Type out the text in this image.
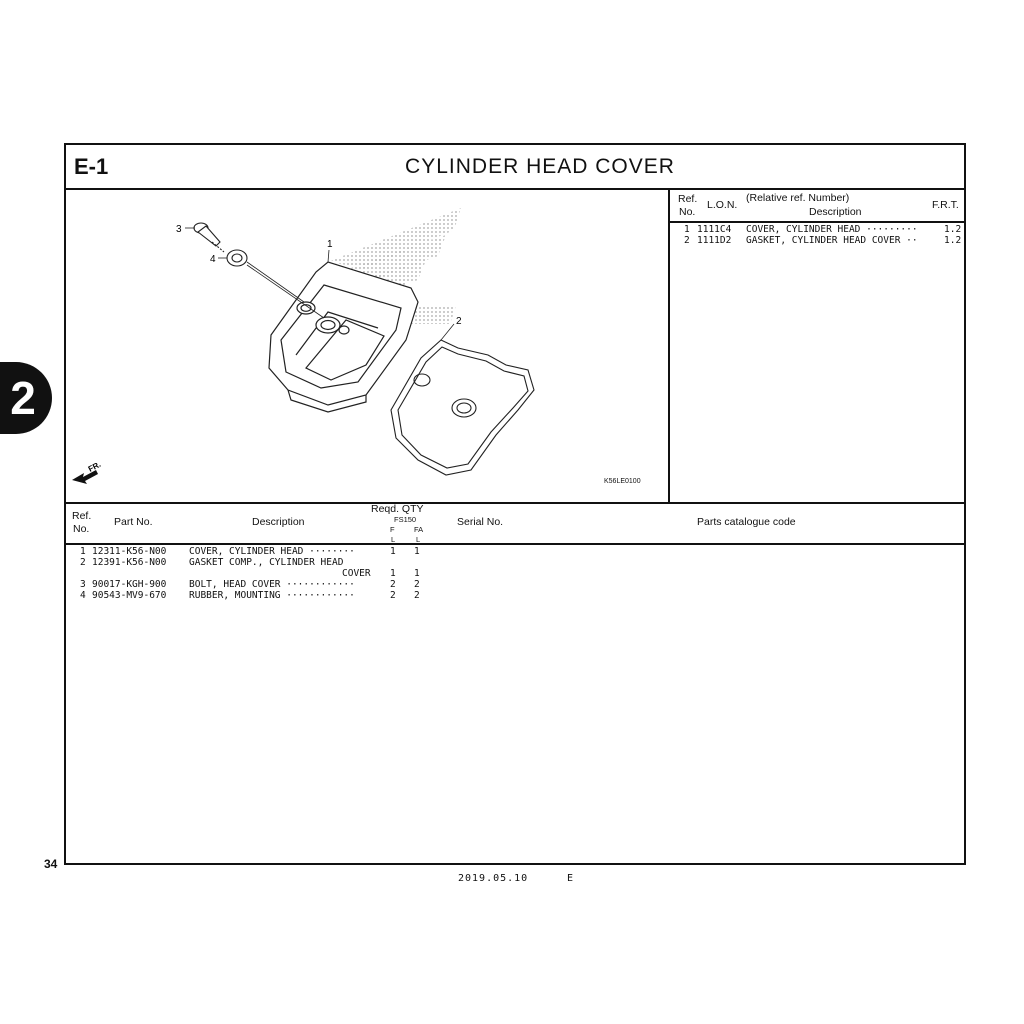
2
34
E-1	CYLINDER HEAD COVER
3
4
1
2
FR.
K56LE0100
Ref.
No.
L.O.N.
(Relative ref. Number)
Description
F.R.T.
1 1111C4 COVER, CYLINDER HEAD ·········	1.2
2 1111D2 GASKET, CYLINDER HEAD COVER ··	1.2
Ref.
No.
Part No.	Description
Reqd. QTY
FS150
F	FA
L	L
Serial No.	Parts catalogue code
1 12311-K56-N00 COVER, CYLINDER HEAD ········	1 1
2 12391-K56-N00 GASKET COMP., CYLINDER HEAD
COVER 1 1
3 90017-KGH-900 BOLT, HEAD COVER ············	2 2
4 90543-MV9-670 RUBBER, MOUNTING ············	2 2
2019.05.10	E
